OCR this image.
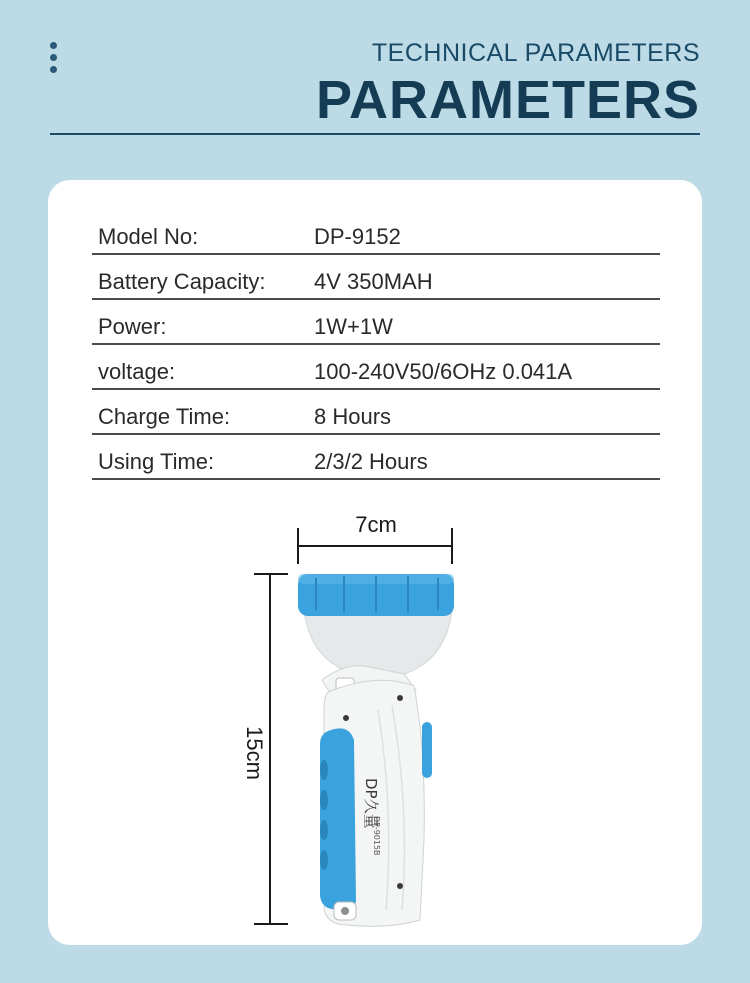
TECHNICAL PARAMETERS
PARAMETERS
Model No:	DP-9152
Battery Capacity:	4V 350MAH
Power:	1W+1W
voltage:	100-240V50/6OHz 0.041A
Charge Time:	8 Hours
Using Time:	2/3/2 Hours
DP久量
DP-9015B
7cm
15cm
